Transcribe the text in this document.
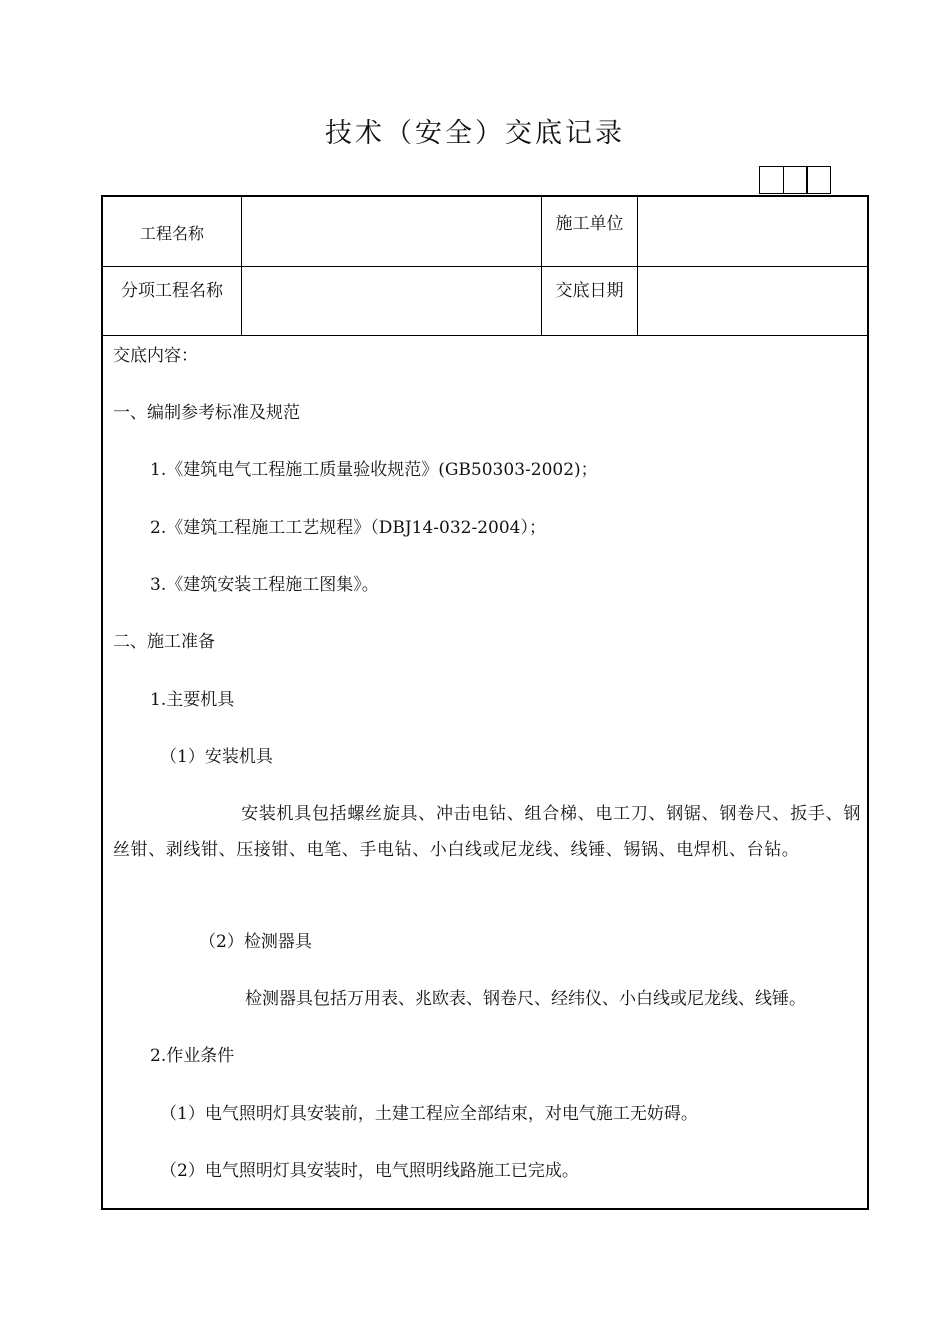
技术（安全）交底记录
工程名称	施工单位
分项工程名称	交底日期
交底内容：
一、编制参考标准及规范
1.《建筑电气工程施工质量验收规范》(GB50303-2002)；
2.《建筑工程施工工艺规程》（DBJ14-032-2004）；
3.《建筑安装工程施工图集》。
二、施工准备
1.主要机具
（1）安装机具
安装机具包括螺丝旋具、冲击电钻、组合梯、电工刀、钢锯、钢卷尺、扳手、钢丝钳、剥线钳、压接钳、电笔、手电钻、小白线或尼龙线、线锤、锡锅、电焊机、台钻。
（2）检测器具
检测器具包括万用表、兆欧表、钢卷尺、经纬仪、小白线或尼龙线、线锤。
2.作业条件
（1）电气照明灯具安装前，土建工程应全部结束，对电气施工无妨碍。
（2）电气照明灯具安装时，电气照明线路施工已完成。
